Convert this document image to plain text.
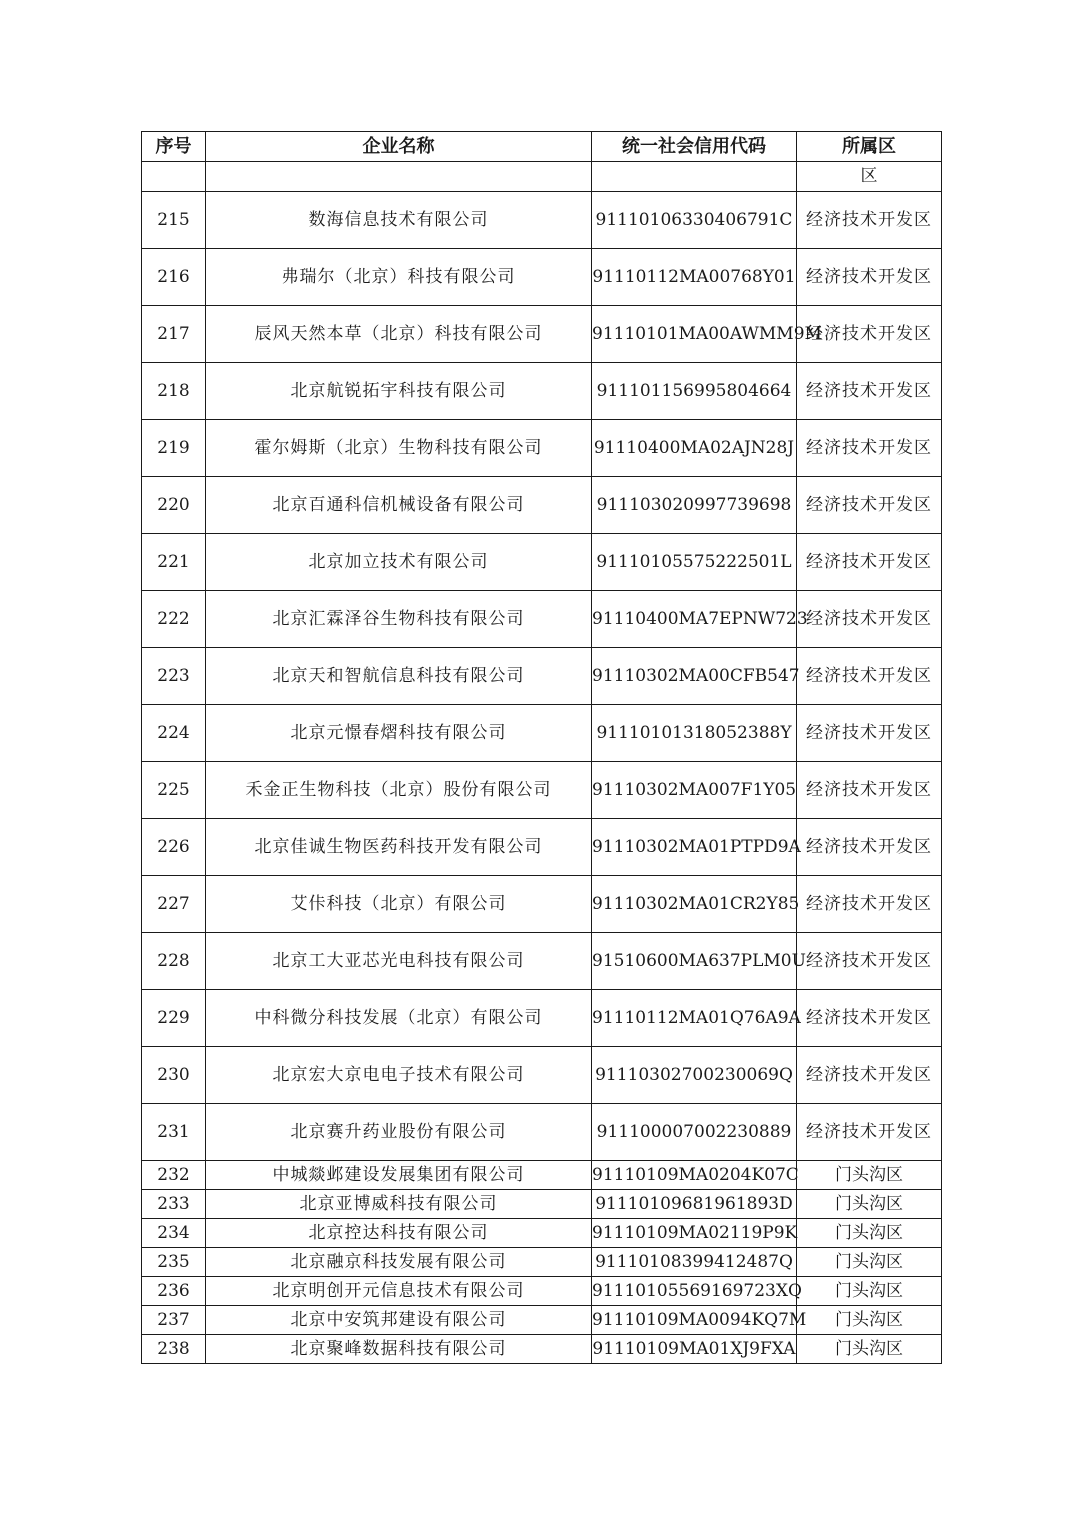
序号	企业名称	统一社会信用代码	所属区
			区
215	数海信息技术有限公司	91110106330406791C	经济技术开发区
216	弗瑞尔（北京）科技有限公司	91110112MA00768Y01	经济技术开发区
217	辰风天然本草（北京）科技有限公司	91110101MA00AWMM9M	经济技术开发区
218	北京航锐拓宇科技有限公司	911101156995804664	经济技术开发区
219	霍尔姆斯（北京）生物科技有限公司	91110400MA02AJN28J	经济技术开发区
220	北京百通科信机械设备有限公司	911103020997739698	经济技术开发区
221	北京加立技术有限公司	91110105575222501L	经济技术开发区
222	北京汇霖泽谷生物科技有限公司	91110400MA7EPNW723	经济技术开发区
223	北京天和智航信息科技有限公司	91110302MA00CFB547	经济技术开发区
224	北京元憬春熠科技有限公司	91110101318052388Y	经济技术开发区
225	禾金正生物科技（北京）股份有限公司	91110302MA007F1Y05	经济技术开发区
226	北京佳诚生物医药科技开发有限公司	91110302MA01PTPD9A	经济技术开发区
227	艾佧科技（北京）有限公司	91110302MA01CR2Y85	经济技术开发区
228	北京工大亚芯光电科技有限公司	91510600MA637PLM0U	经济技术开发区
229	中科微分科技发展（北京）有限公司	91110112MA01Q76A9A	经济技术开发区
230	北京宏大京电电子技术有限公司	91110302700230069Q	经济技术开发区
231	北京赛升药业股份有限公司	911100007002230889	经济技术开发区
232	中城燚邺建设发展集团有限公司	91110109MA0204K07C	门头沟区
233	北京亚博威科技有限公司	91110109681961893D	门头沟区
234	北京控达科技有限公司	91110109MA02119P9K	门头沟区
235	北京融京科技发展有限公司	91110108399412487Q	门头沟区
236	北京明创开元信息技术有限公司	91110105569169723XQ	门头沟区
237	北京中安筑邦建设有限公司	91110109MA0094KQ7M	门头沟区
238	北京聚峰数据科技有限公司	91110109MA01XJ9FXA	门头沟区
